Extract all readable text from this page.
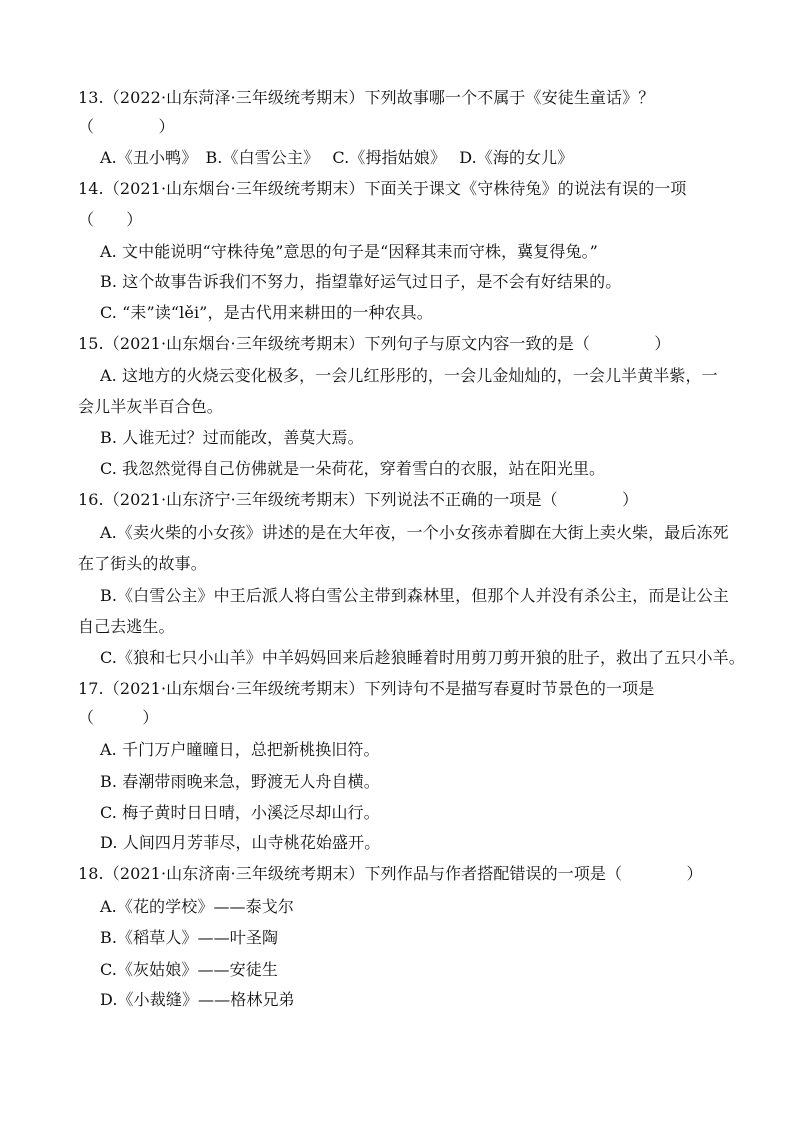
13.（2022·山东菏泽·三年级统考期末）下列故事哪一个不属于《安徒生童话》？
（　　　　）
A.《丑小鸭》　B.《白雪公主》　 C.《拇指姑娘》　 D.《海的女儿》
14.（2021·山东烟台·三年级统考期末）下面关于课文《守株待兔》的说法有误的一项
（　　）
A. 文中能说明“守株待兔”意思的句子是“因释其耒而守株，冀复得兔。”
B. 这个故事告诉我们不努力，指望靠好运气过日子，是不会有好结果的。
C. “耒”读“lěi”，是古代用来耕田的一种农具。
15.（2021·山东烟台·三年级统考期末）下列句子与原文内容一致的是（　　　　）
A. 这地方的火烧云变化极多，一会儿红彤彤的，一会儿金灿灿的，一会儿半黄半紫，一
会儿半灰半百合色。
B. 人谁无过？过而能改，善莫大焉。
C. 我忽然觉得自己仿佛就是一朵荷花，穿着雪白的衣服，站在阳光里。
16.（2021·山东济宁·三年级统考期末）下列说法不正确的一项是（　　　　）
A.《卖火柴的小女孩》讲述的是在大年夜，一个小女孩赤着脚在大街上卖火柴，最后冻死
在了街头的故事。
B.《白雪公主》中王后派人将白雪公主带到森林里，但那个人并没有杀公主，而是让公主
自己去逃生。
C.《狼和七只小山羊》中羊妈妈回来后趁狼睡着时用剪刀剪开狼的肚子，救出了五只小羊。
17.（2021·山东烟台·三年级统考期末）下列诗句不是描写春夏时节景色的一项是
（　　　）
A. 千门万户曈曈日，总把新桃换旧符。
B. 春潮带雨晚来急，野渡无人舟自横。
C. 梅子黄时日日晴，小溪泛尽却山行。
D. 人间四月芳菲尽，山寺桃花始盛开。
18.（2021·山东济南·三年级统考期末）下列作品与作者搭配错误的一项是（　　　　）
A.《花的学校》——泰戈尔
B.《稻草人》——叶圣陶
C.《灰姑娘》——安徒生
D.《小裁缝》——格林兄弟
